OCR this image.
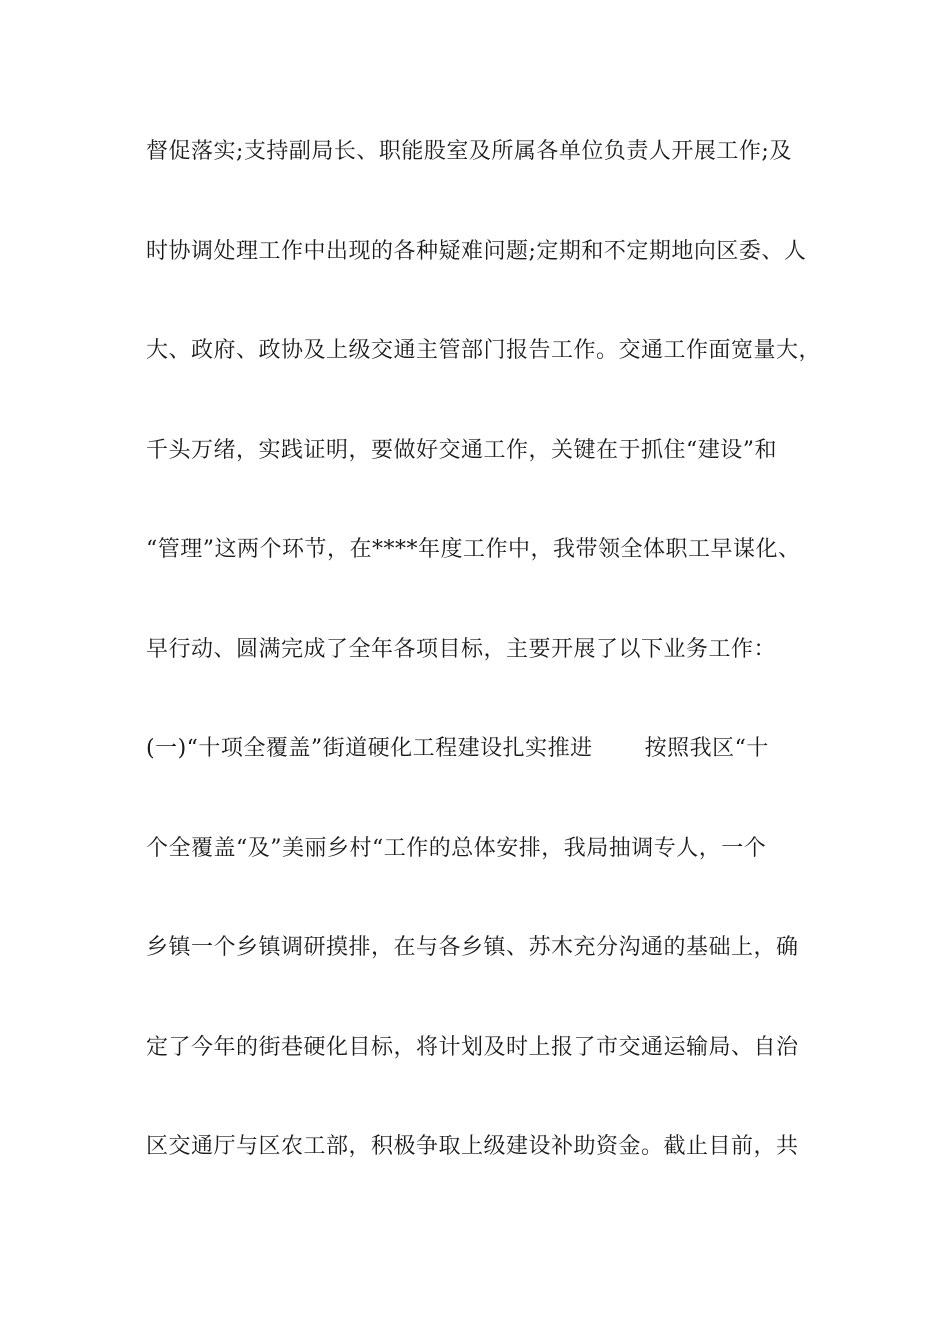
督促落实;支持副局长、职能股室及所属各单位负责人开展工作;及
时协调处理工作中出现的各种疑难问题;定期和不定期地向区委、人
大、政府、政协及上级交通主管部门报告工作。交通工作面宽量大，
千头万绪，实践证明，要做好交通工作，关键在于抓住“建设”和
“管理”这两个环节，在****年度工作中，我带领全体职工早谋化、
早行动、圆满完成了全年各项目标，主要开展了以下业务工作：
(一)“十项全覆盖”街道硬化工程建设扎实推进 按照我区“十
个全覆盖“及”美丽乡村“工作的总体安排，我局抽调专人，一个
乡镇一个乡镇调研摸排，在与各乡镇、苏木充分沟通的基础上，确
定了今年的街巷硬化目标，将计划及时上报了市交通运输局、自治
区交通厅与区农工部，积极争取上级建设补助资金。截止目前，共
